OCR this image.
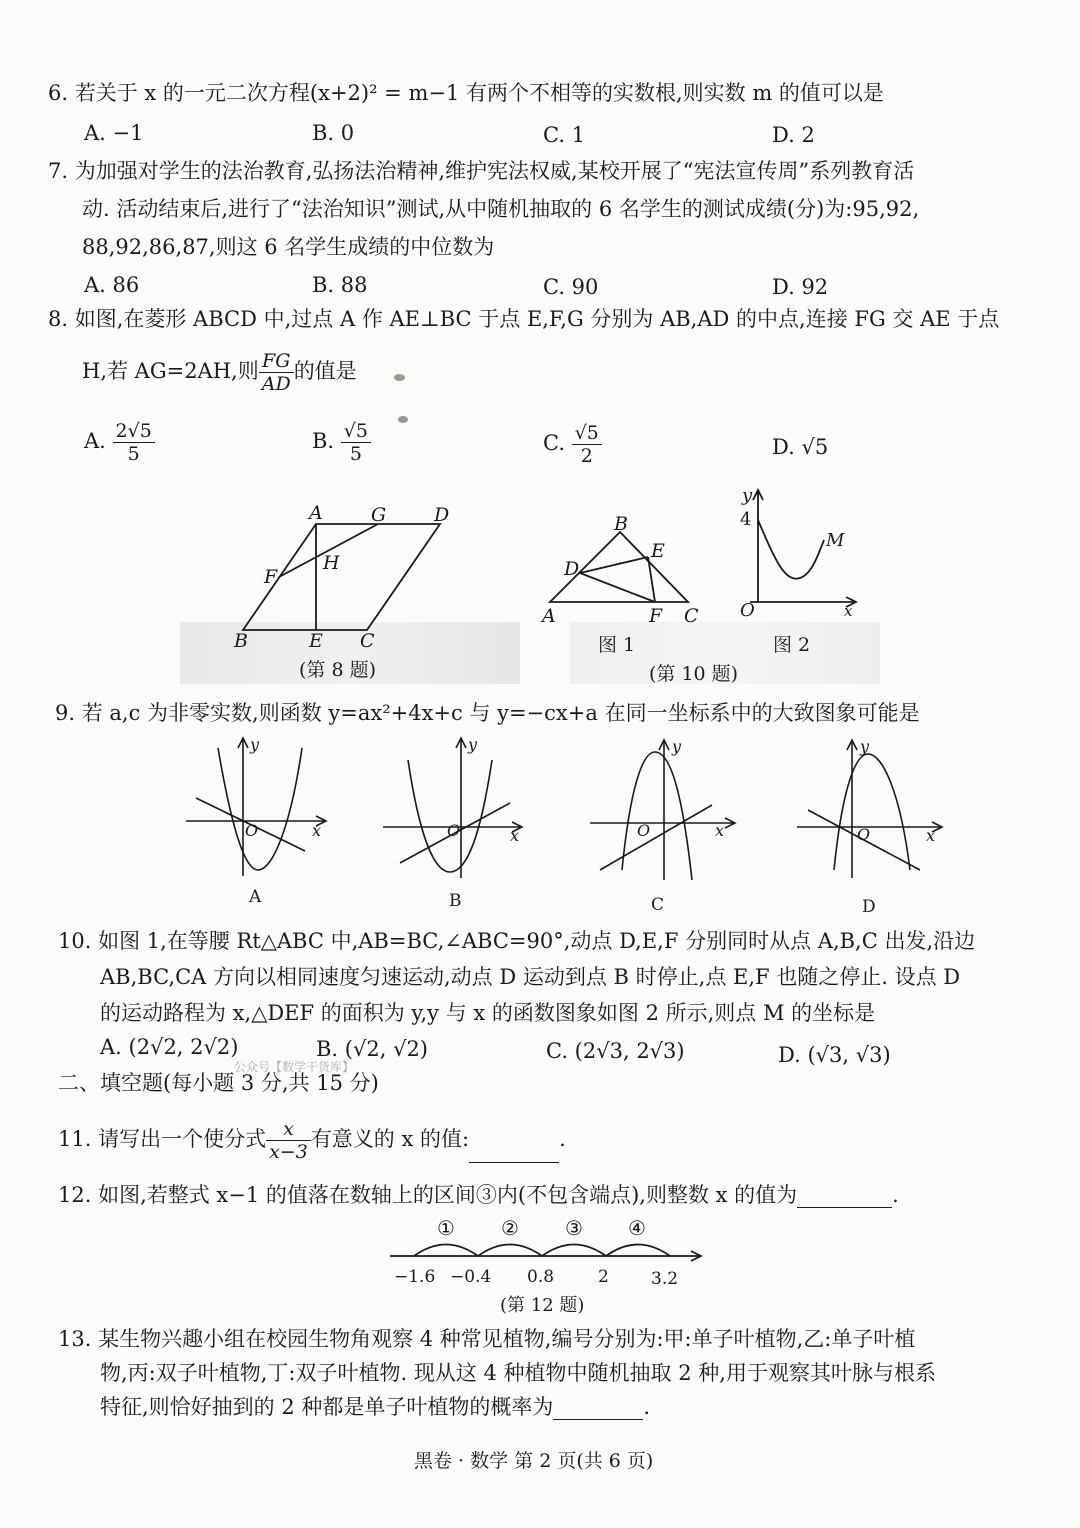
6. 若关于 x 的一元二次方程(x+2)² = m−1 有两个不相等的实数根,则实数 m 的值可以是
A. −1	B. 0	C. 1	D. 2
7. 为加强对学生的法治教育,弘扬法治精神,维护宪法权威,某校开展了“宪法宣传周”系列教育活
动. 活动结束后,进行了“法治知识”测试,从中随机抽取的 6 名学生的测试成绩(分)为:95,92,
88,92,86,87,则这 6 名学生成绩的中位数为
A. 86	B. 88	C. 90	D. 92
8. 如图,在菱形 ABCD 中,过点 A 作 AE⊥BC 于点 E,F,G 分别为 AB,AD 的中点,连接 FG 交 AE 于点
H,若 AG=2AH,则 $\frac{FG}{AD}$ 的值是
A. $\frac{2√5}{5}$	B. $\frac{√5}{5}$	C. $\frac{√5}{2}$	D. √5
A	G	D
F
H
B	E C
B
E
D
A	F C
y
4
M
O	x
(第 8 题)
图 1	图 2
(第 10 题)
9. 若 a,c 为非零实数,则函数 y=ax²+4x+c 与 y=−cx+a 在同一坐标系中的大致图象可能是
y
O	x
A
y
O	x
B
y
O	x
C
y
O	x
D
10. 如图 1,在等腰 Rt△ABC 中,AB=BC,∠ABC=90°,动点 D,E,F 分别同时从点 A,B,C 出发,沿边
AB,BC,CA 方向以相同速度匀速运动,动点 D 运动到点 B 时停止,点 E,F 也随之停止. 设点 D
的运动路程为 x,△DEF 的面积为 y,y 与 x 的函数图象如图 2 所示,则点 M 的坐标是
A. (2√2, 2√2)	B. (√2, √2)	C. (2√3, 2√3)	D. (√3, √3)
公众号【数学干货库】
二、填空题(每小题 3 分,共 15 分)
11. 请写出一个使分式 $\frac{x}{x-3}$ 有意义的 x 的值:	.
12. 如图,若整式 x−1 的值落在数轴上的区间③内(不包含端点),则整数 x 的值为	.
① ② ③ ④
−1.6 −0.4 0.8	2 3.2
(第 12 题)
13. 某生物兴趣小组在校园生物角观察 4 种常见植物,编号分别为:甲:单子叶植物,乙:单子叶植
物,丙:双子叶植物,丁:双子叶植物. 现从这 4 种植物中随机抽取 2 种,用于观察其叶脉与根系
特征,则恰好抽到的 2 种都是单子叶植物的概率为	.
黑卷 · 数学 第 2 页(共 6 页)
